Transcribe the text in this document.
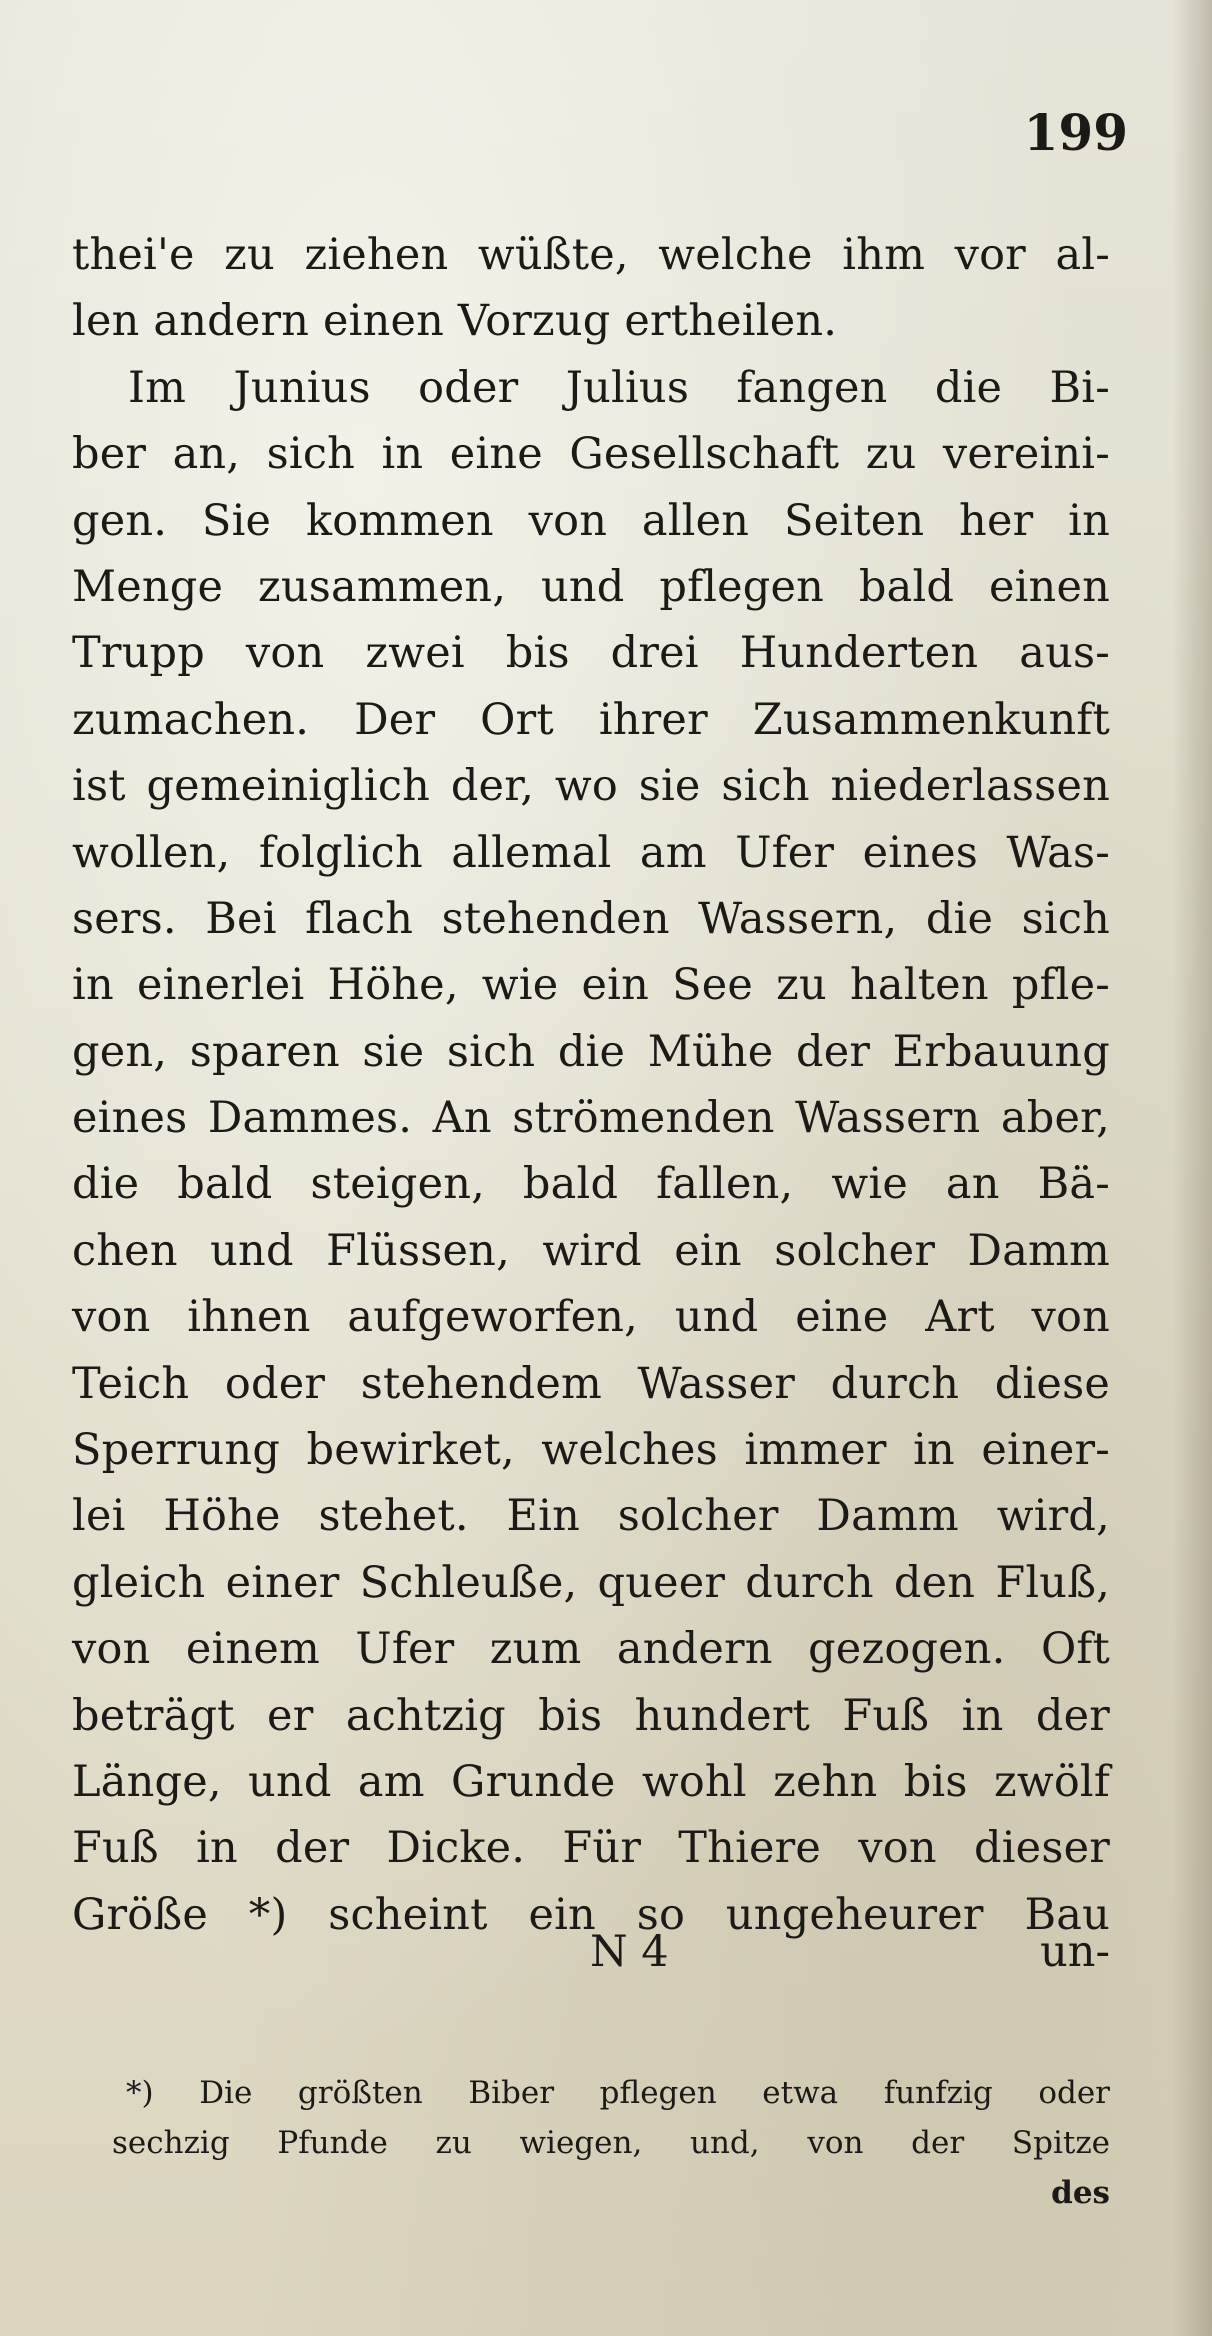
199
thei'e zu ziehen wüßte, welche ihm vor al-
len andern einen Vorzug ertheilen.
Im Junius oder Julius fangen die Bi-
ber an, sich in eine Gesellschaft zu vereini-
gen. Sie kommen von allen Seiten her in
Menge zusammen, und pflegen bald einen
Trupp von zwei bis drei Hunderten aus-
zumachen. Der Ort ihrer Zusammenkunft
ist gemeiniglich der, wo sie sich niederlassen
wollen, folglich allemal am Ufer eines Was-
sers. Bei flach stehenden Wassern, die sich
in einerlei Höhe, wie ein See zu halten pfle-
gen, sparen sie sich die Mühe der Erbauung
eines Dammes. An strömenden Wassern aber,
die bald steigen, bald fallen, wie an Bä-
chen und Flüssen, wird ein solcher Damm
von ihnen aufgeworfen, und eine Art von
Teich oder stehendem Wasser durch diese
Sperrung bewirket, welches immer in einer-
lei Höhe stehet. Ein solcher Damm wird,
gleich einer Schleuße, queer durch den Fluß,
von einem Ufer zum andern gezogen. Oft
beträgt er achtzig bis hundert Fuß in der
Länge, und am Grunde wohl zehn bis zwölf
Fuß in der Dicke. Für Thiere von dieser
Größe *) scheint ein so ungeheurer Bau
N 4	un-
*) Die größten Biber pflegen etwa funfzig oder
sechzig Pfunde zu wiegen, und, von der Spitze
des
